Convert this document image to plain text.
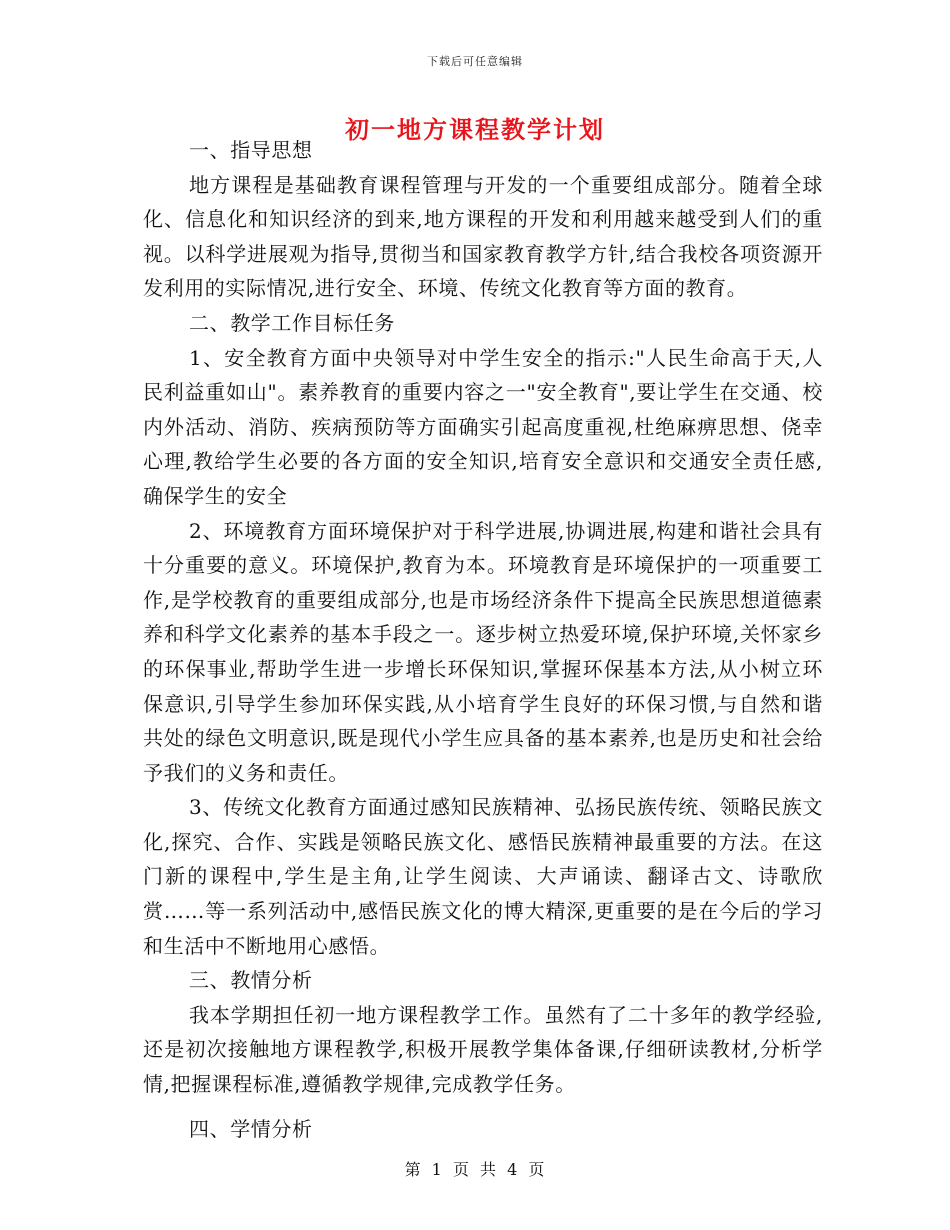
下载后可任意编辑
初一地方课程教学计划

一、指导思想

地方课程是基础教育课程管理与开发的一个重要组成部分。随着全球化、信息化和知识经济的到来,地方课程的开发和利用越来越受到人们的重视。以科学进展观为指导,贯彻当和国家教育教学方针,结合我校各项资源开发利用的实际情况,进行安全、环境、传统文化教育等方面的教育。

二、教学工作目标任务

1、安全教育方面中央领导对中学生安全的指示:"人民生命高于天,人民利益重如山"。素养教育的重要内容之一"安全教育",要让学生在交通、校内外活动、消防、疾病预防等方面确实引起高度重视,杜绝麻痹思想、侥幸心理,教给学生必要的各方面的安全知识,培育安全意识和交通安全责任感,确保学生的安全

2、环境教育方面环境保护对于科学进展,协调进展,构建和谐社会具有十分重要的意义。环境保护,教育为本。环境教育是环境保护的一项重要工作,是学校教育的重要组成部分,也是市场经济条件下提高全民族思想道德素养和科学文化素养的基本手段之一。逐步树立热爱环境,保护环境,关怀家乡的环保事业,帮助学生进一步增长环保知识,掌握环保基本方法,从小树立环保意识,引导学生参加环保实践,从小培育学生良好的环保习惯,与自然和谐共处的绿色文明意识,既是现代小学生应具备的基本素养,也是历史和社会给予我们的义务和责任。

3、传统文化教育方面通过感知民族精神、弘扬民族传统、领略民族文化,探究、合作、实践是领略民族文化、感悟民族精神最重要的方法。在这门新的课程中,学生是主角,让学生阅读、大声诵读、翻译古文、诗歌欣赏……等一系列活动中,感悟民族文化的博大精深,更重要的是在今后的学习和生活中不断地用心感悟。

三、教情分析

我本学期担任初一地方课程教学工作。虽然有了二十多年的教学经验,还是初次接触地方课程教学,积极开展教学集体备课,仔细研读教材,分析学情,把握课程标准,遵循教学规律,完成教学任务。

四、学情分析

第 1 页 共 4 页
